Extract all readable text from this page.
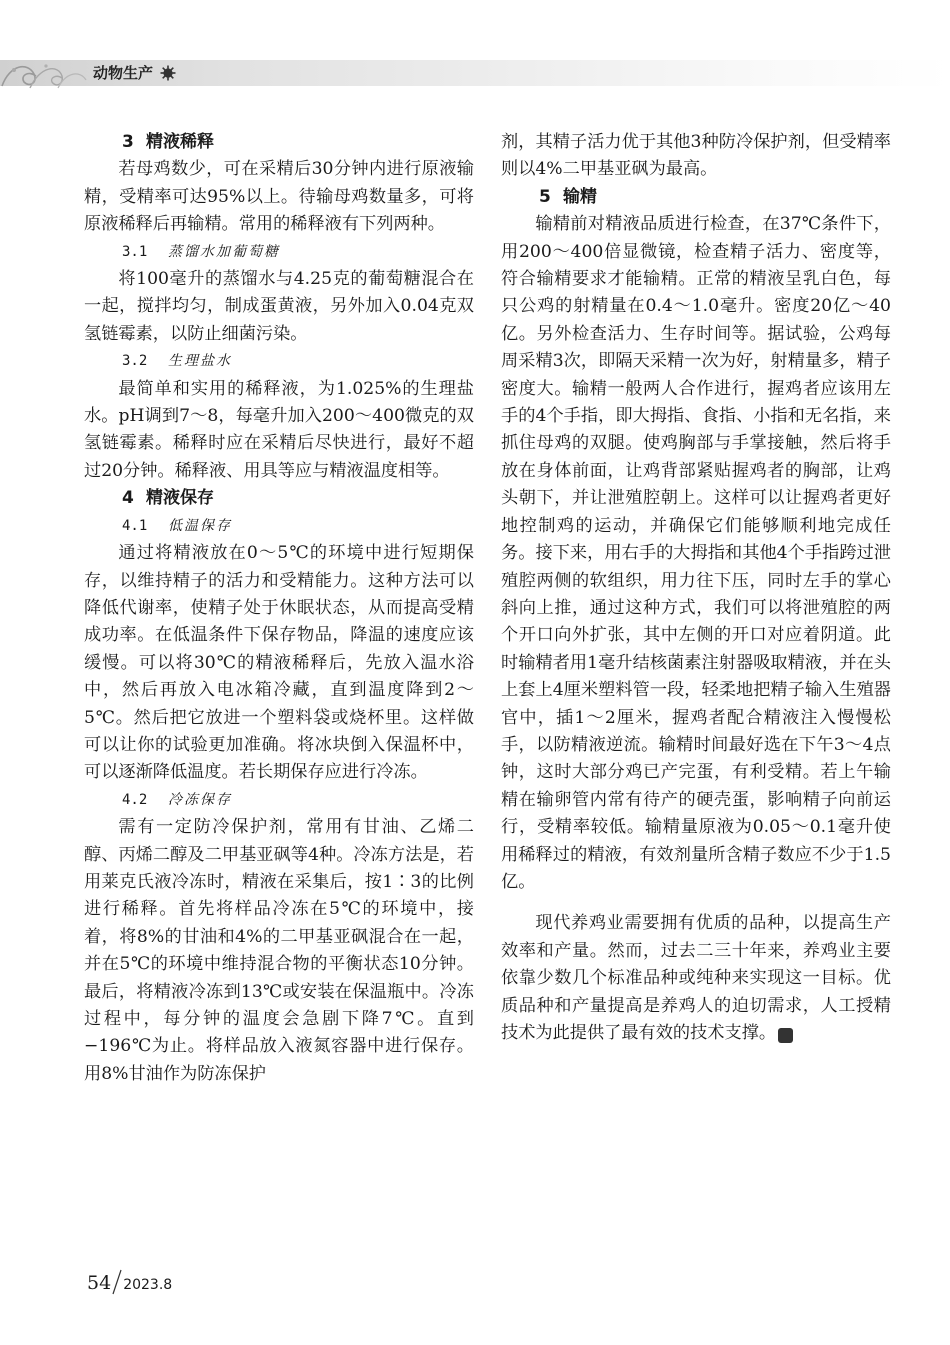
动物生产
3 精液稀释

若母鸡数少，可在采精后30分钟内进行原液输精，受精率可达95%以上。待输母鸡数量多，可将原液稀释后再输精。常用的稀释液有下列两种。

3.1 蒸馏水加葡萄糖

将100毫升的蒸馏水与4.25克的葡萄糖混合在一起，搅拌均匀，制成蛋黄液，另外加入0.04克双氢链霉素，以防止细菌污染。

3.2 生理盐水

最简单和实用的稀释液，为1.025%的生理盐水。pH调到7～8，每毫升加入200～400微克的双氢链霉素。稀释时应在采精后尽快进行，最好不超过20分钟。稀释液、用具等应与精液温度相等。

4 精液保存
4.1 低温保存

通过将精液放在0～5℃的环境中进行短期保存，以维持精子的活力和受精能力。这种方法可以降低代谢率，使精子处于休眠状态，从而提高受精成功率。在低温条件下保存物品，降温的速度应该缓慢。可以将30℃的精液稀释后，先放入温水浴中，然后再放入电冰箱冷藏，直到温度降到2～5℃。然后把它放进一个塑料袋或烧杯里。这样做可以让你的试验更加准确。将冰块倒入保温杯中，可以逐渐降低温度。若长期保存应进行冷冻。

4.2 冷冻保存

需有一定防冷保护剂，常用有甘油、乙烯二醇、丙烯二醇及二甲基亚砜等4种。冷冻方法是，若用莱克氏液冷冻时，精液在采集后，按1∶3的比例进行稀释。首先将样品冷冻在5℃的环境中，接着，将8%的甘油和4%的二甲基亚砜混合在一起，并在5℃的环境中维持混合物的平衡状态10分钟。最后，将精液冷冻到13℃或安装在保温瓶中。冷冻过程中，每分钟的温度会急剧下降7℃。直到−196℃为止。将样品放入液氮容器中进行保存。用8%甘油作为防冻保护

剂，其精子活力优于其他3种防冷保护剂，但受精率则以4%二甲基亚砜为最高。

5 输精

输精前对精液品质进行检查，在37℃条件下，用200～400倍显微镜，检查精子活力、密度等，符合输精要求才能输精。正常的精液呈乳白色，每只公鸡的射精量在0.4～1.0毫升。密度20亿～40亿。另外检查活力、生存时间等。据试验，公鸡每周采精3次，即隔天采精一次为好，射精量多，精子密度大。输精一般两人合作进行，握鸡者应该用左手的4个手指，即大拇指、食指、小指和无名指，来抓住母鸡的双腿。使鸡胸部与手掌接触，然后将手放在身体前面，让鸡背部紧贴握鸡者的胸部，让鸡头朝下，并让泄殖腔朝上。这样可以让握鸡者更好地控制鸡的运动，并确保它们能够顺利地完成任务。接下来，用右手的大拇指和其他4个手指跨过泄殖腔两侧的软组织，用力往下压，同时左手的掌心斜向上推，通过这种方式，我们可以将泄殖腔的两个开口向外扩张，其中左侧的开口对应着阴道。此时输精者用1毫升结核菌素注射器吸取精液，并在头上套上4厘米塑料管一段，轻柔地把精子输入生殖器官中，插1～2厘米，握鸡者配合精液注入慢慢松手，以防精液逆流。输精时间最好选在下午3～4点钟，这时大部分鸡已产完蛋，有利受精。若上午输精在输卵管内常有待产的硬壳蛋，影响精子向前运行，受精率较低。输精量原液为0.05～0.1毫升使用稀释过的精液，有效剂量所含精子数应不少于1.5亿。

现代养鸡业需要拥有优质的品种，以提高生产效率和产量。然而，过去二三十年来，养鸡业主要依靠少数几个标准品种或纯种来实现这一目标。优质品种和产量提高是养鸡人的迫切需求，人工授精技术为此提供了最有效的技术支撑。	N

54 2023.8
